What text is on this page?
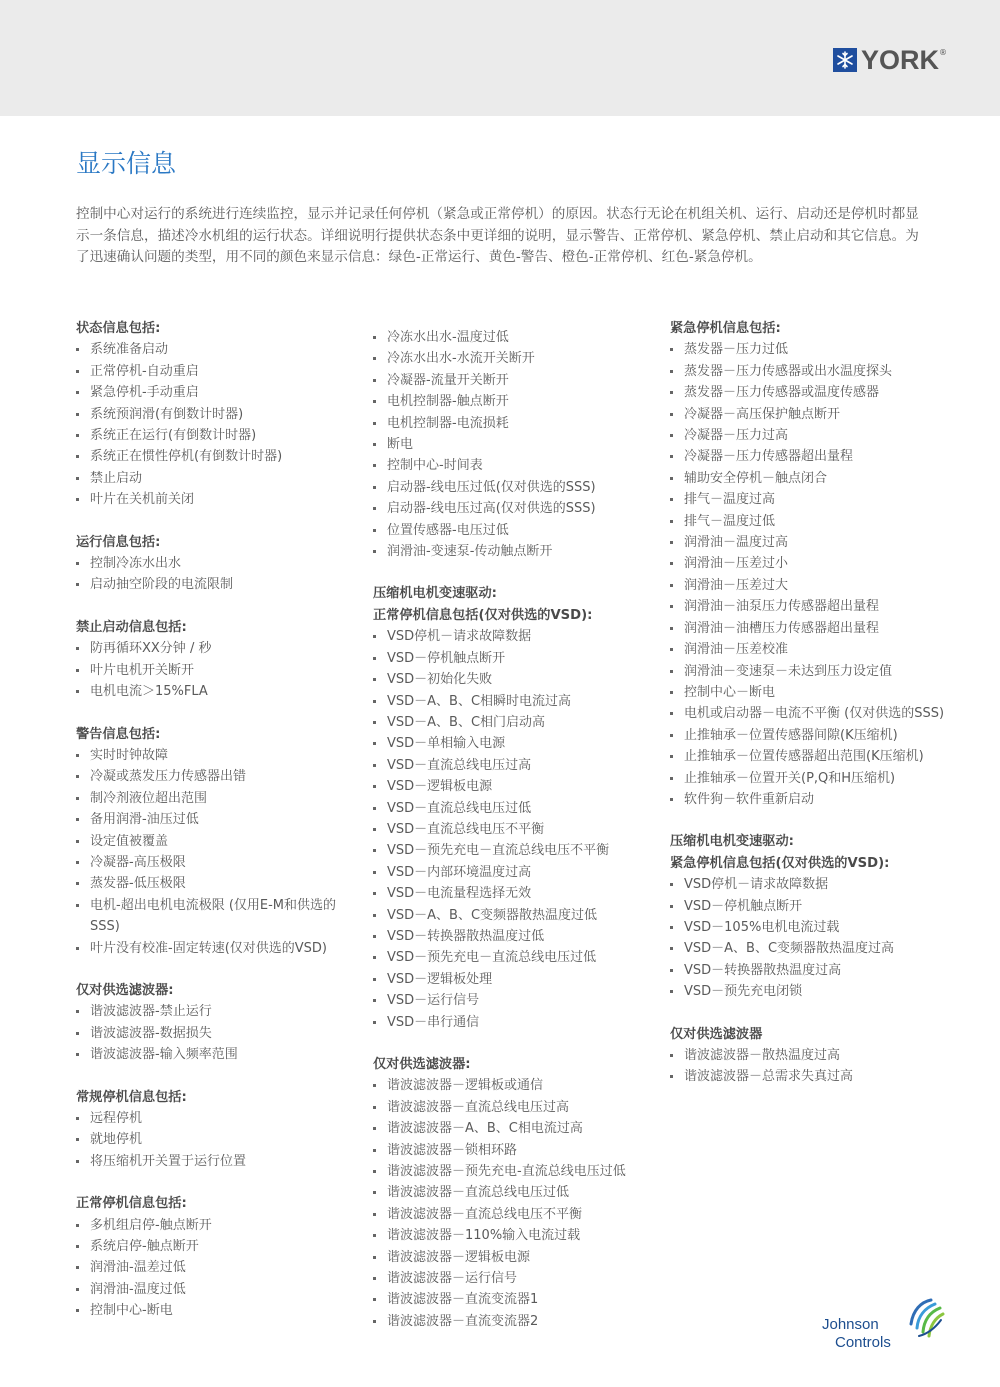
YORK ®
显示信息

控制中心对运行的系统进行连续监控，显示并记录任何停机（紧急或正常停机）的原因。状态行无论在机组关机、运行、启动还是停机时都显示一条信息，描述冷水机组的运行状态。详细说明行提供状态条中更详细的说明，显示警告、正常停机、紧急停机、禁止启动和其它信息。为了迅速确认问题的类型，用不同的颜色来显示信息：绿色-正常运行、黄色-警告、橙色-正常停机、红色-紧急停机。

状态信息包括:
系统准备启动
正常停机-自动重启
紧急停机-手动重启
系统预润滑(有倒数计时器)
系统正在运行(有倒数计时器)
系统正在惯性停机(有倒数计时器)
禁止启动
叶片在关机前关闭
运行信息包括:
控制冷冻水出水
启动抽空阶段的电流限制
禁止启动信息包括:
防再循环XX分钟 / 秒
叶片电机开关断开
电机电流＞15%FLA
警告信息包括:
实时时钟故障
冷凝或蒸发压力传感器出错
制冷剂液位超出范围
备用润滑-油压过低
设定值被覆盖
冷凝器-高压极限
蒸发器-低压极限
电机-超出电机电流极限 (仅用E-M和供选的SSS)
叶片没有校准-固定转速(仅对供选的VSD)
仅对供选滤波器:
谐波滤波器-禁止运行
谐波滤波器-数据损失
谐波滤波器-输入频率范围
常规停机信息包括:
远程停机
就地停机
将压缩机开关置于运行位置
正常停机信息包括:
多机组启停-触点断开
系统启停-触点断开
润滑油-温差过低
润滑油-温度过低
控制中心-断电
冷冻水出水-温度过低
冷冻水出水-水流开关断开
冷凝器-流量开关断开
电机控制器-触点断开
电机控制器-电流损耗
断电
控制中心-时间表
启动器-线电压过低(仅对供选的SSS)
启动器-线电压过高(仅对供选的SSS)
位置传感器-电压过低
润滑油-变速泵-传动触点断开
压缩机电机变速驱动:
正常停机信息包括(仅对供选的VSD):
VSD停机－请求故障数据
VSD－停机触点断开
VSD－初始化失败
VSD－A、B、C相瞬时电流过高
VSD－A、B、C相门启动高
VSD－单相输入电源
VSD－直流总线电压过高
VSD－逻辑板电源
VSD－直流总线电压过低
VSD－直流总线电压不平衡
VSD－预先充电－直流总线电压不平衡
VSD－内部环境温度过高
VSD－电流量程选择无效
VSD－A、B、C变频器散热温度过低
VSD－转换器散热温度过低
VSD－预先充电－直流总线电压过低
VSD－逻辑板处理
VSD－运行信号
VSD－串行通信
仅对供选滤波器:
谐波滤波器－逻辑板或通信
谐波滤波器－直流总线电压过高
谐波滤波器－A、B、C相电流过高
谐波滤波器－锁相环路
谐波滤波器－预先充电-直流总线电压过低
谐波滤波器－直流总线电压过低
谐波滤波器－直流总线电压不平衡
谐波滤波器－110%输入电流过载
谐波滤波器－逻辑板电源
谐波滤波器－运行信号
谐波滤波器－直流变流器1
谐波滤波器－直流变流器2
紧急停机信息包括:
蒸发器－压力过低
蒸发器－压力传感器或出水温度探头
蒸发器－压力传感器或温度传感器
冷凝器－高压保护触点断开
冷凝器－压力过高
冷凝器－压力传感器超出量程
辅助安全停机－触点闭合
排气－温度过高
排气－温度过低
润滑油－温度过高
润滑油－压差过小
润滑油－压差过大
润滑油－油泵压力传感器超出量程
润滑油－油槽压力传感器超出量程
润滑油－压差校准
润滑油－变速泵－未达到压力设定值
控制中心－断电
电机或启动器－电流不平衡 (仅对供选的SSS)
止推轴承－位置传感器间隙(K压缩机)
止推轴承－位置传感器超出范围(K压缩机)
止推轴承－位置开关(P,Q和H压缩机)
软件狗－软件重新启动
压缩机电机变速驱动:
紧急停机信息包括(仅对供选的VSD):
VSD停机－请求故障数据
VSD－停机触点断开
VSD－105%电机电流过载
VSD－A、B、C变频器散热温度过高
VSD－转换器散热温度过高
VSD－预先充电闭锁
仅对供选滤波器
谐波滤波器－散热温度过高
谐波滤波器－总需求失真过高
Johnson
Controls
